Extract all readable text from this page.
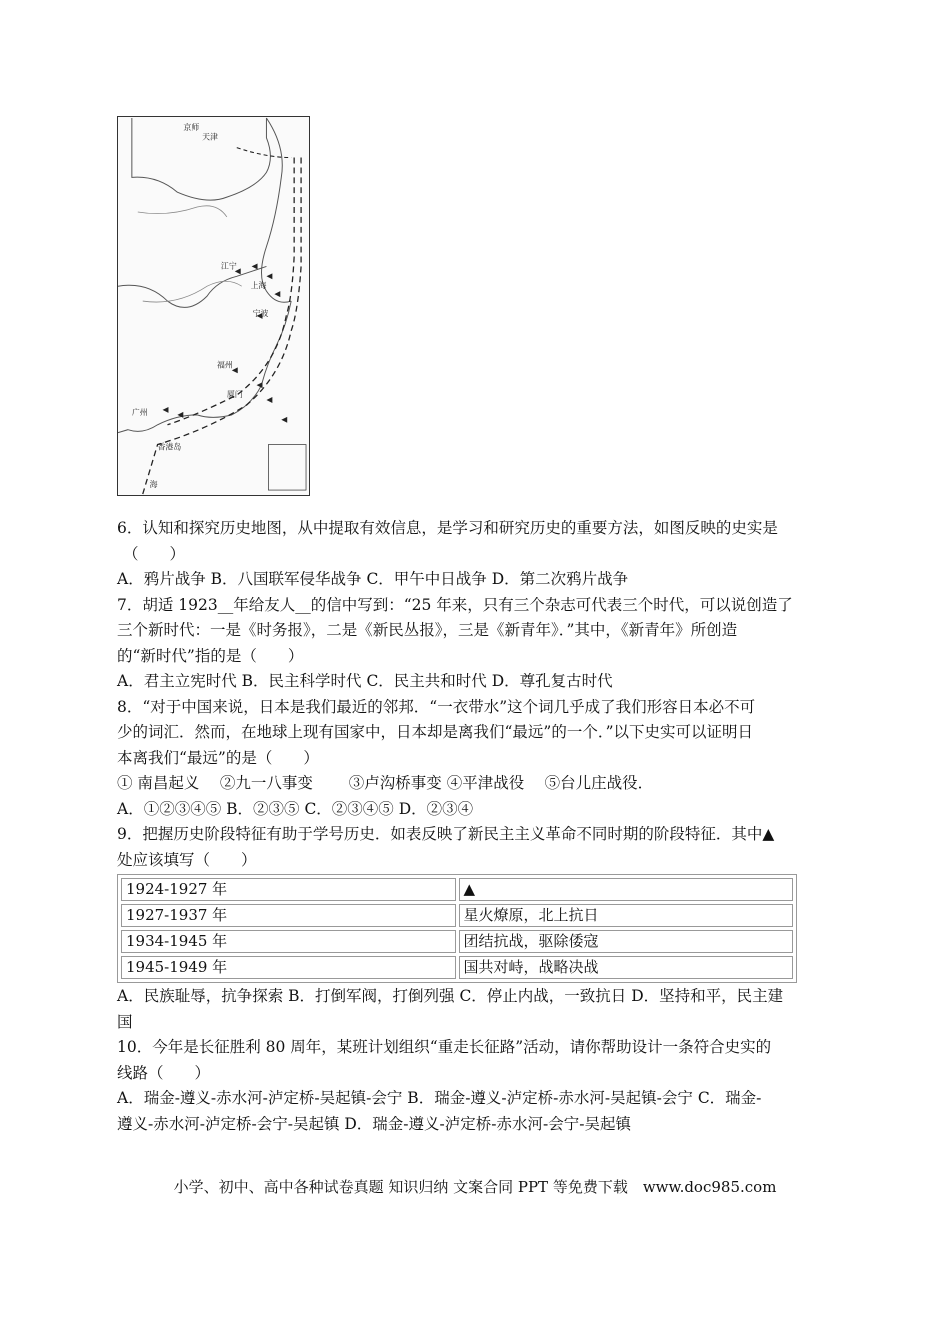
京师
天津
江宁
上海
宁波
福州
厦门
广州
香港岛
海

6．认知和探究历史地图，从中提取有效信息，是学习和研究历史的重要方法，如图反映的史实是

（　　）

A．鸦片战争 B．八国联军侵华战争 C．甲午中日战争 D．第二次鸦片战争

7．胡适 1923__年给友人__的信中写到：“25 年来，只有三个杂志可代表三个时代，可以说创造了

三个新时代：一是《时务报》，二是《新民丛报》，三是《新青年》．”其中，《新青年》所创造

的“新时代”指的是（　　）

A．君主立宪时代 B．民主科学时代 C．民主共和时代 D．尊孔复古时代

8．“对于中国来说，日本是我们最近的邻邦．“一衣带水”这个词几乎成了我们形容日本必不可

少的词汇．然而，在地球上现有国家中，日本却是离我们“最远”的一个．”以下史实可以证明日

本离我们“最远”的是（　　）

① 南昌起义　 ②九一八事变　　 ③卢沟桥事变 ④平津战役　 ⑤台儿庄战役．

A．①②③④⑤ B．②③⑤ C．②③④⑤ D．②③④

9．把握历史阶段特征有助于学号历史．如表反映了新民主主义革命不同时期的阶段特征．其中▲

处应该填写（　　）

1924-1927 年	▲
1927-1937 年	星火燎原，北上抗日
1934-1945 年	团结抗战，驱除倭寇
1945-1949 年	国共对峙，战略决战

A．民族耻辱，抗争探索 B．打倒军阀，打倒列强 C．停止内战，一致抗日 D．坚持和平，民主建

国

10．今年是长征胜利 80 周年，某班计划组织“重走长征路”活动，请你帮助设计一条符合史实的

线路（　　）

A．瑞金-遵义-赤水河-泸定桥-吴起镇-会宁 B．瑞金-遵义-泸定桥-赤水河-吴起镇-会宁 C．瑞金-

遵义-赤水河-泸定桥-会宁-吴起镇 D．瑞金-遵义-泸定桥-赤水河-会宁-吴起镇

小学、初中、高中各种试卷真题 知识归纳 文案合同 PPT 等免费下载　www.doc985.com
